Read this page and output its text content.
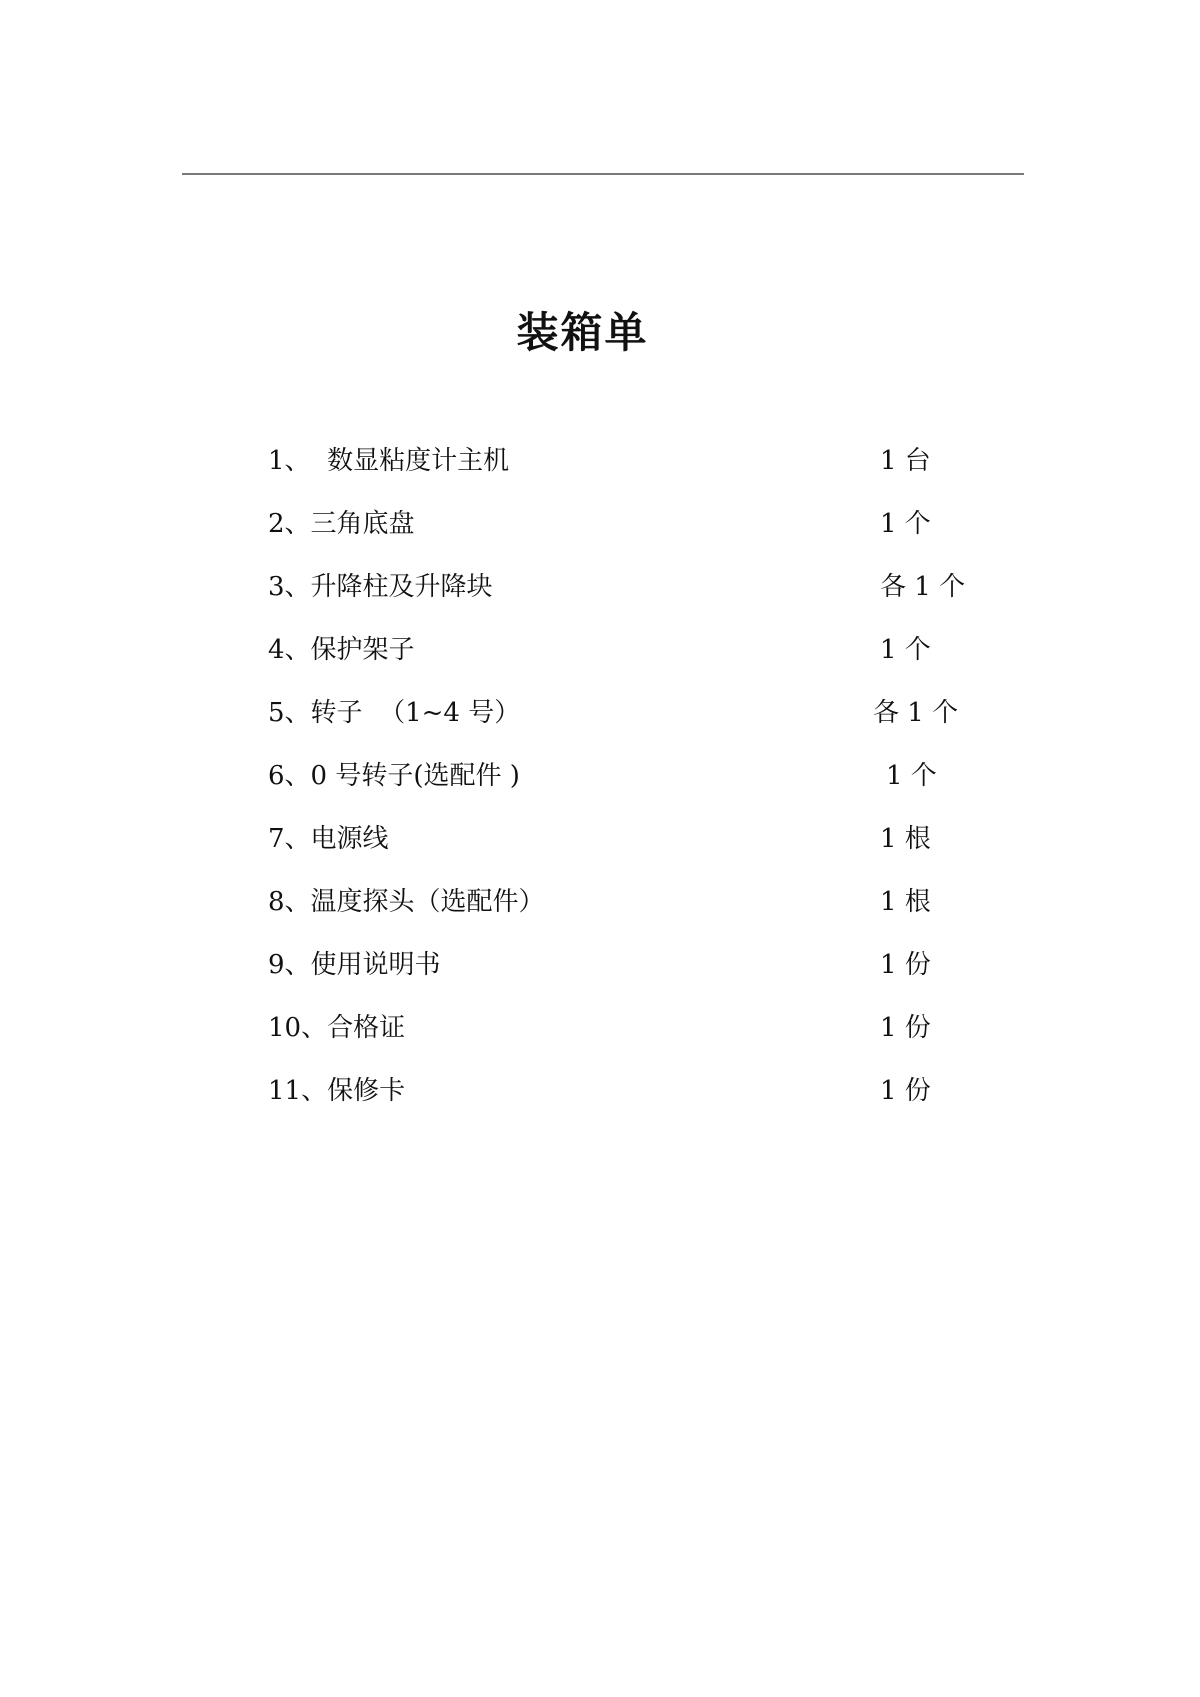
装箱单
1、  数显粘度计主机	1 台
2、三角底盘	1 个
3、升降柱及升降块	各 1 个
4、保护架子	1 个
5、转子  （1~4 号）	各 1 个
6、0 号转子(选配件 )	1 个
7、电源线	1 根
8、温度探头（选配件）	1 根
9、使用说明书	1 份
10、合格证	1 份
11、保修卡	1 份
